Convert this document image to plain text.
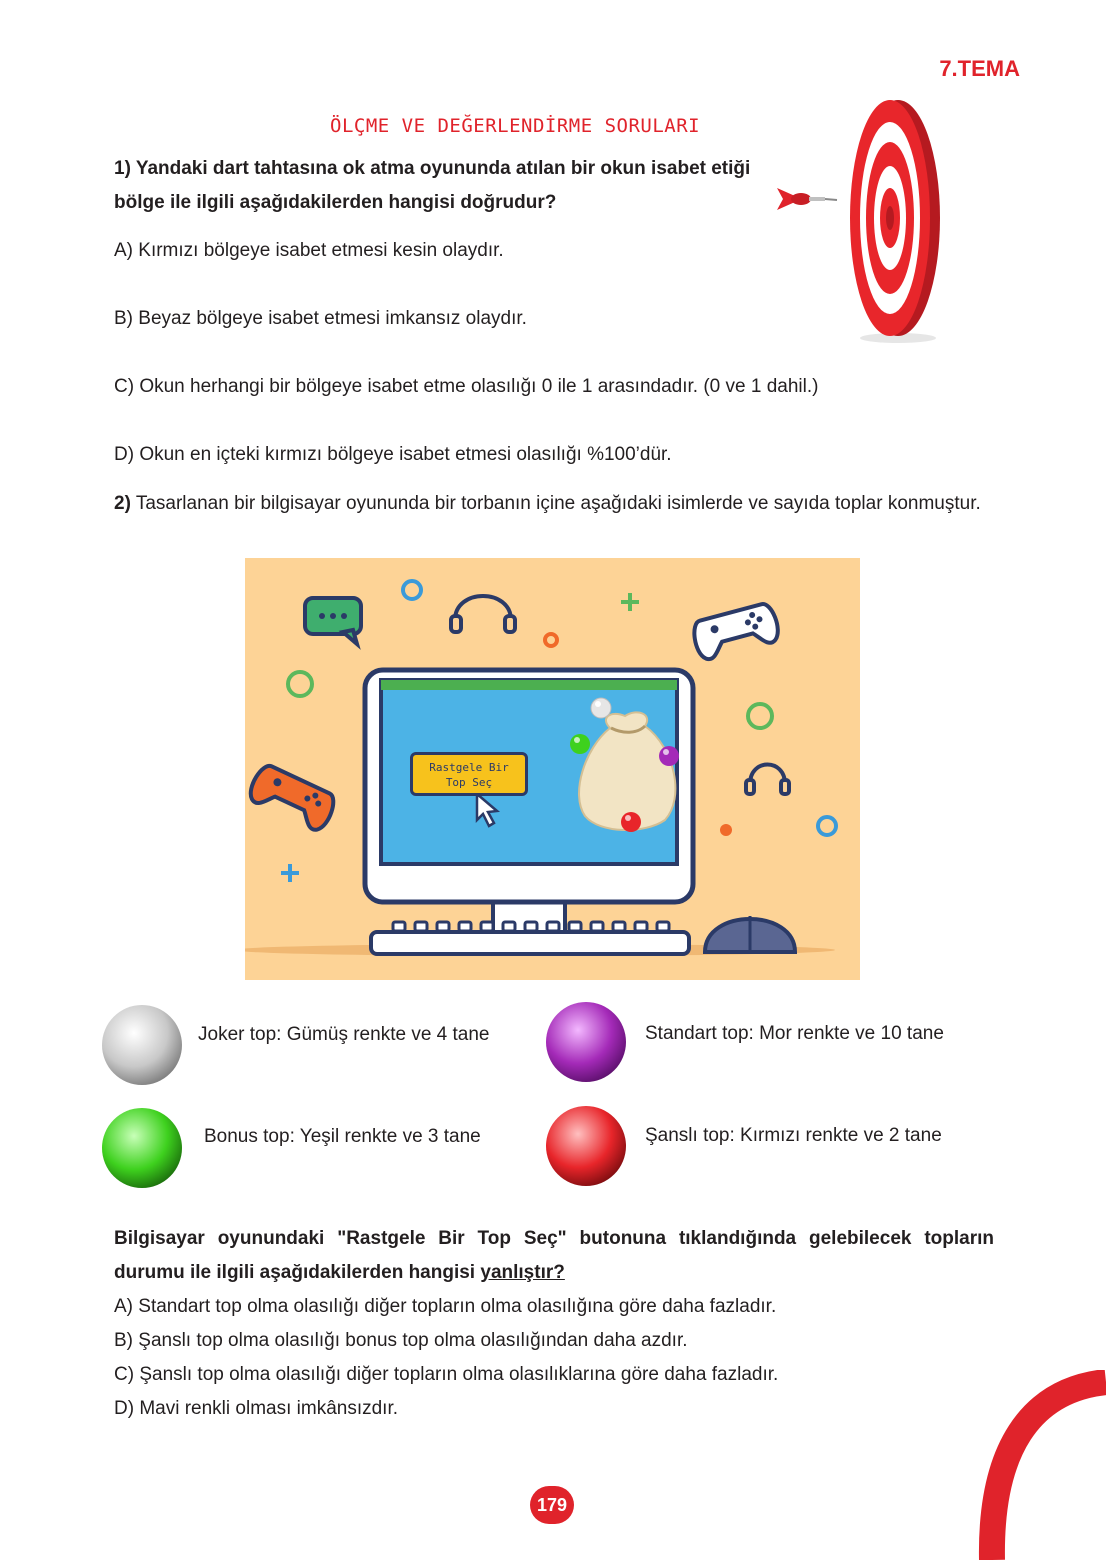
7.TEMA
ÖLÇME VE DEĞERLENDİRME SORULARI
1) Yandaki dart tahtasına ok atma oyununda atılan bir okun isabet etiği bölge ile ilgili aşağıdakilerden hangisi doğrudur?
A) Kırmızı bölgeye isabet etmesi kesin olaydır.
B) Beyaz bölgeye isabet etmesi imkansız olaydır.
C) Okun herhangi bir bölgeye isabet etme olasılığı 0 ile 1 arasındadır. (0 ve 1 dahil.)
D) Okun en içteki kırmızı bölgeye isabet etmesi olasılığı %100’dür.
2) Tasarlanan bir bilgisayar oyununda bir torbanın içine aşağıdaki isimlerde ve sayıda toplar konmuştur.
Rastgele Bir
Top Seç
Joker top: Gümüş renkte ve 4 tane	Standart top: Mor renkte ve 10 tane
Bonus top: Yeşil renkte ve 3 tane	Şanslı top: Kırmızı renkte ve 2 tane
Bilgisayar oyunundaki "Rastgele Bir Top Seç" butonuna tıklandığında gelebilecek topların durumu ile ilgili aşağıdakilerden hangisi yanlıştır?
A) Standart top olma olasılığı diğer topların olma olasılığına göre daha fazladır.
B) Şanslı top olma olasılığı bonus top olma olasılığından daha azdır.
C) Şanslı top olma olasılığı diğer topların olma olasılıklarına göre daha fazladır.
D) Mavi renkli olması imkânsızdır.
179
